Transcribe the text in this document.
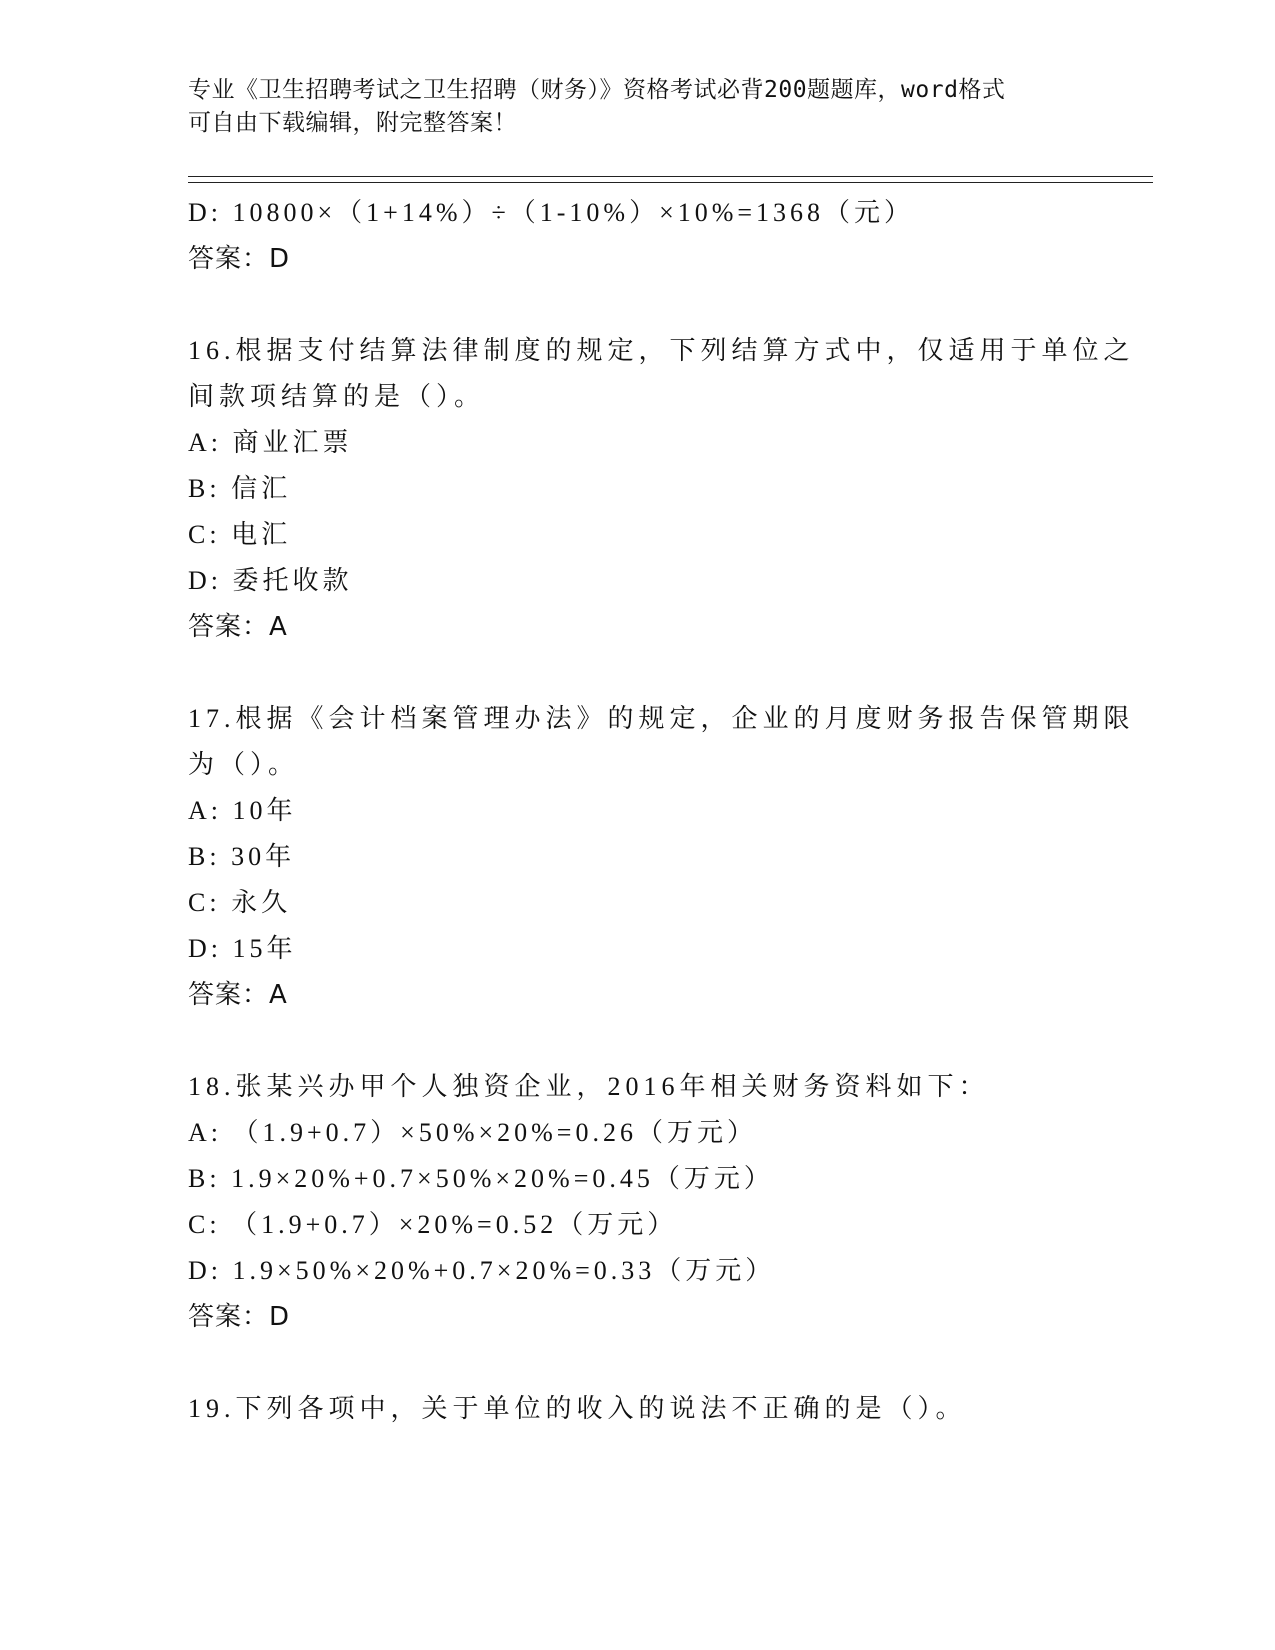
专业《卫生招聘考试之卫生招聘（财务）》资格考试必背200题题库，word格式
可自由下载编辑，附完整答案！
D: 10800×（1+14%）÷（1-10%）×10%=1368（元）
答案：D
16.根据支付结算法律制度的规定，下列结算方式中，仅适用于单位之
间款项结算的是（）。
A: 商业汇票
B: 信汇
C: 电汇
D: 委托收款
答案：A
17.根据《会计档案管理办法》的规定，企业的月度财务报告保管期限
为（）。
A: 10年
B: 30年
C: 永久
D: 15年
答案：A
18.张某兴办甲个人独资企业，2016年相关财务资料如下：
A: （1.9+0.7）×50%×20%=0.26（万元）
B: 1.9×20%+0.7×50%×20%=0.45（万元）
C: （1.9+0.7）×20%=0.52（万元）
D: 1.9×50%×20%+0.7×20%=0.33（万元）
答案：D
19.下列各项中，关于单位的收入的说法不正确的是（）。
